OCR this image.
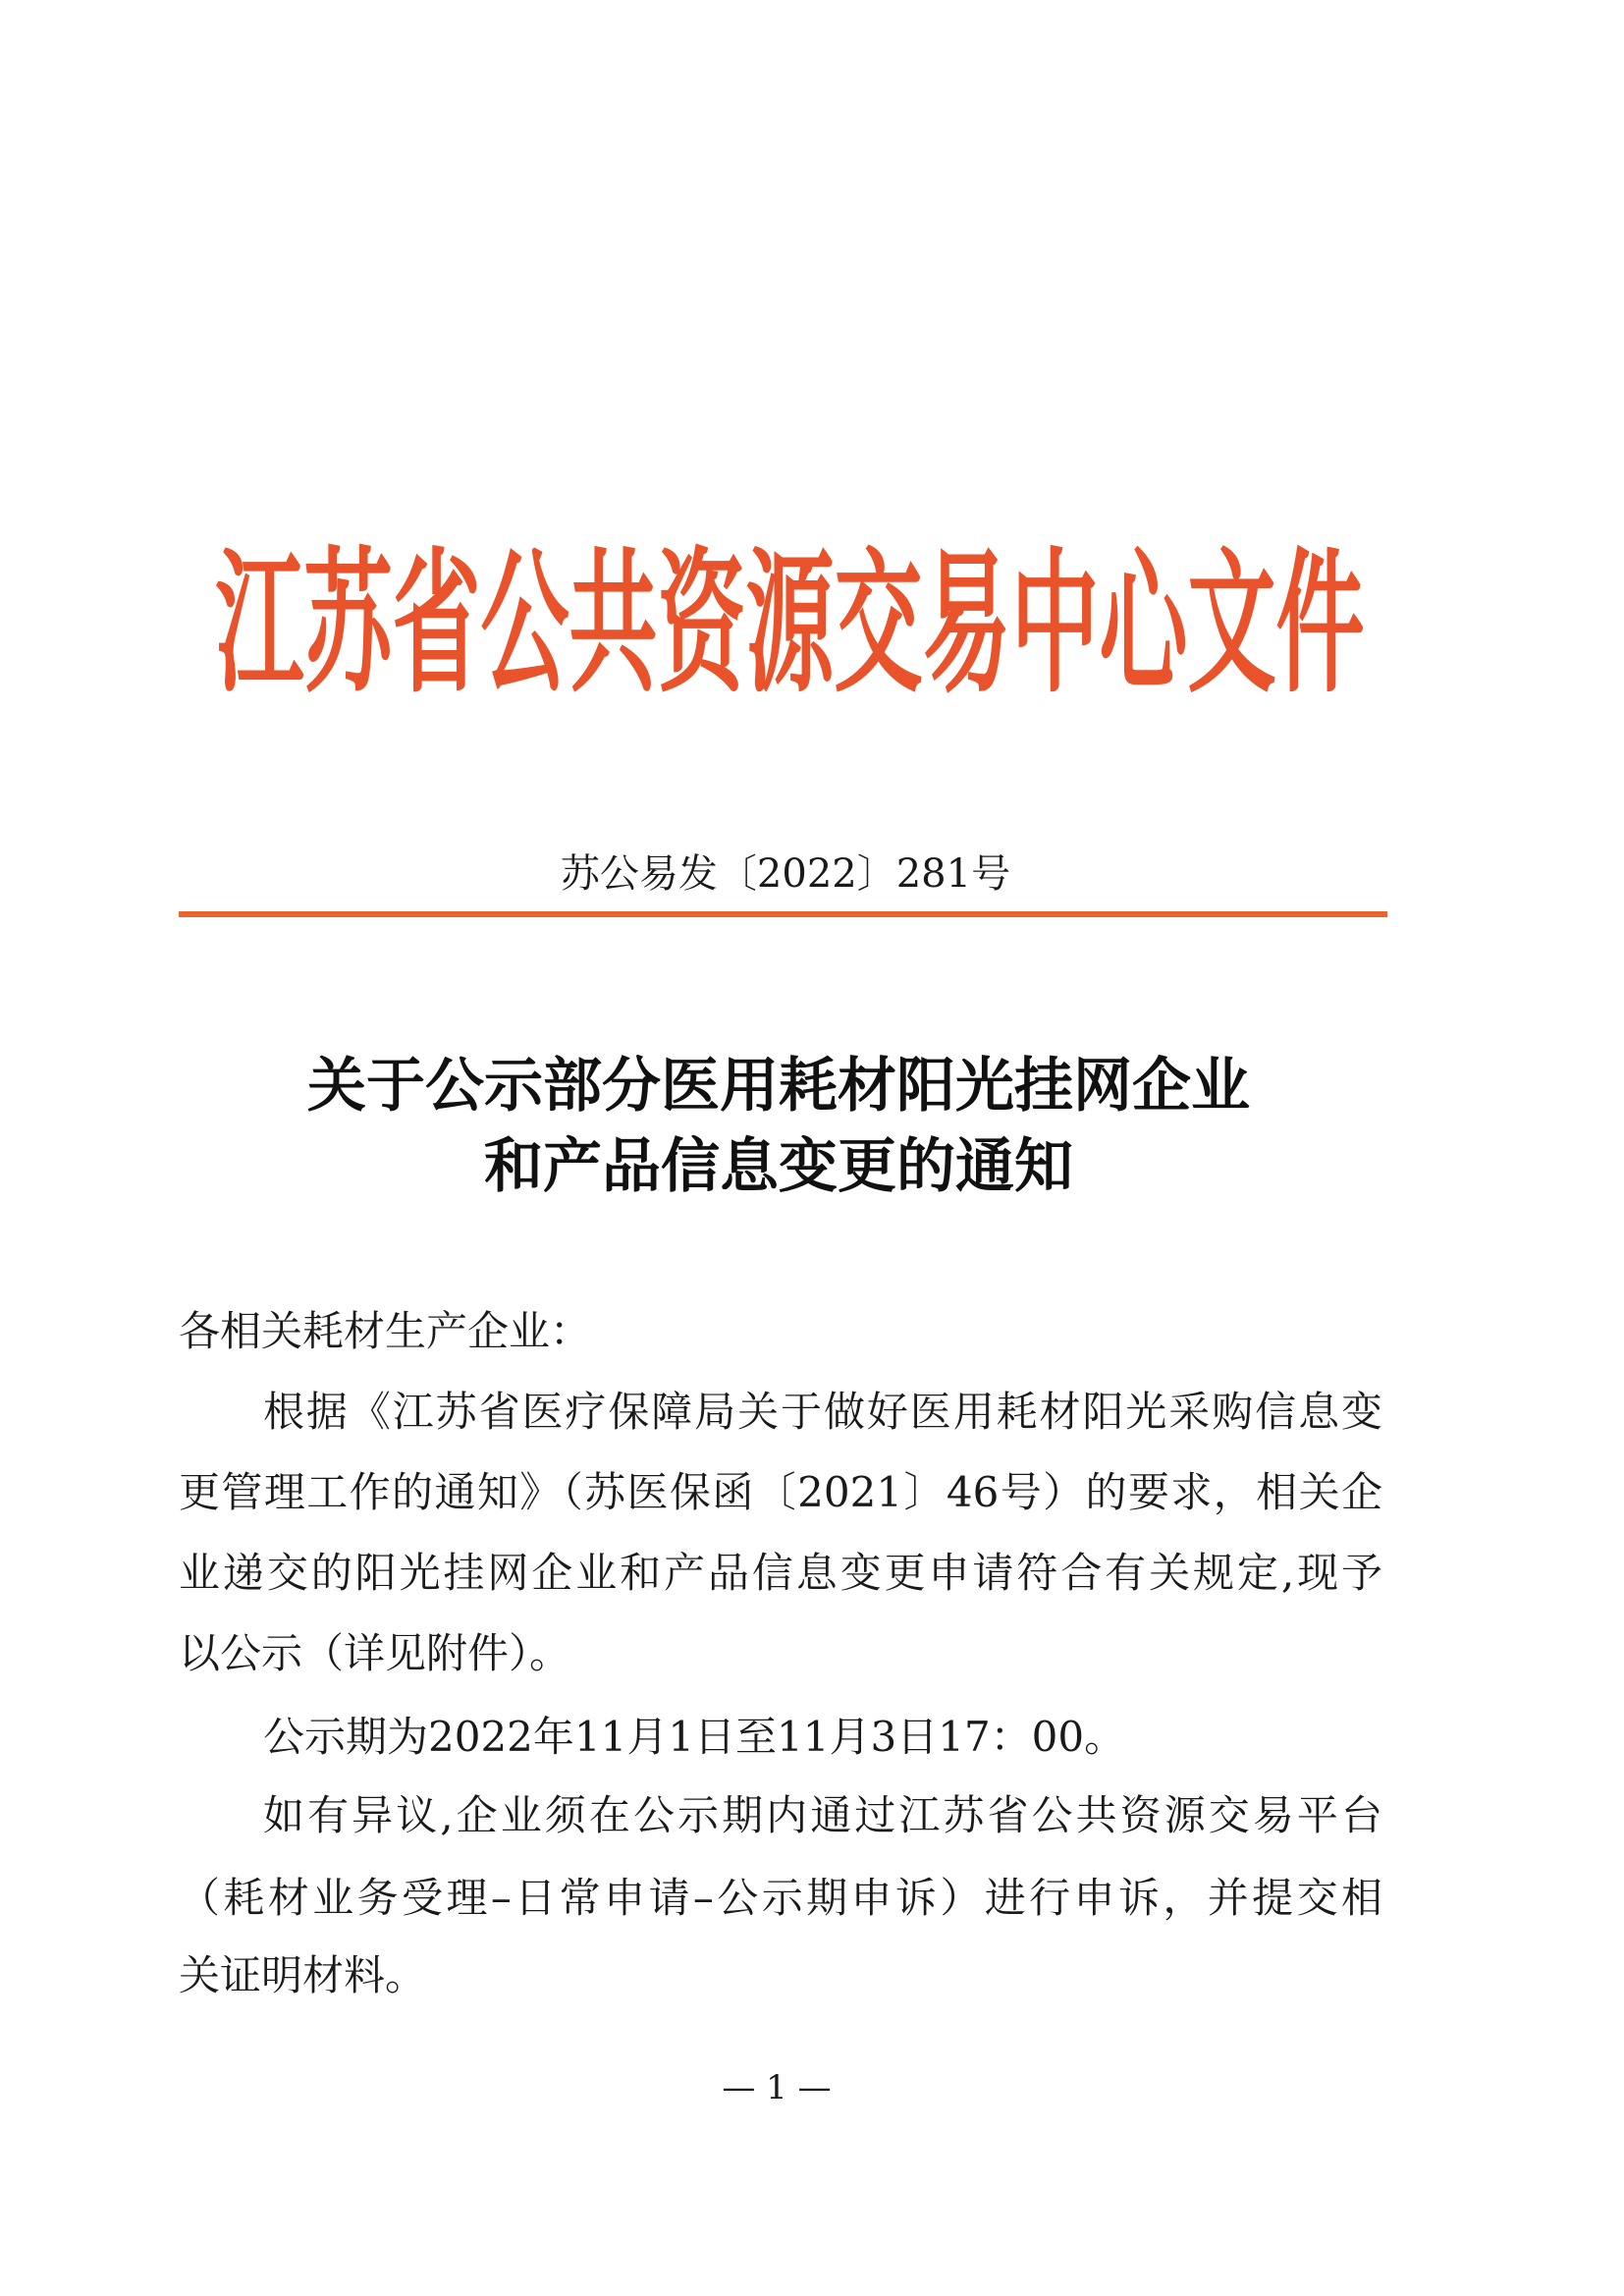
江苏省公共资源交易中心文件
苏公易发〔2022〕281号
关于公示部分医用耗材阳光挂网企业
和产品信息变更的通知
各相关耗材生产企业：
根据《江苏省医疗保障局关于做好医用耗材阳光采购信息变
更管理工作的通知》（苏医保函〔2021〕46号）的要求，相关企
业递交的阳光挂网企业和产品信息变更申请符合有关规定,现予
以公示（详见附件）。
公示期为2022年11月1日至11月3日17：00。
如有异议,企业须在公示期内通过江苏省公共资源交易平台
（耗材业务受理–日常申请–公示期申诉）进行申诉，并提交相
关证明材料。
— 1 —
